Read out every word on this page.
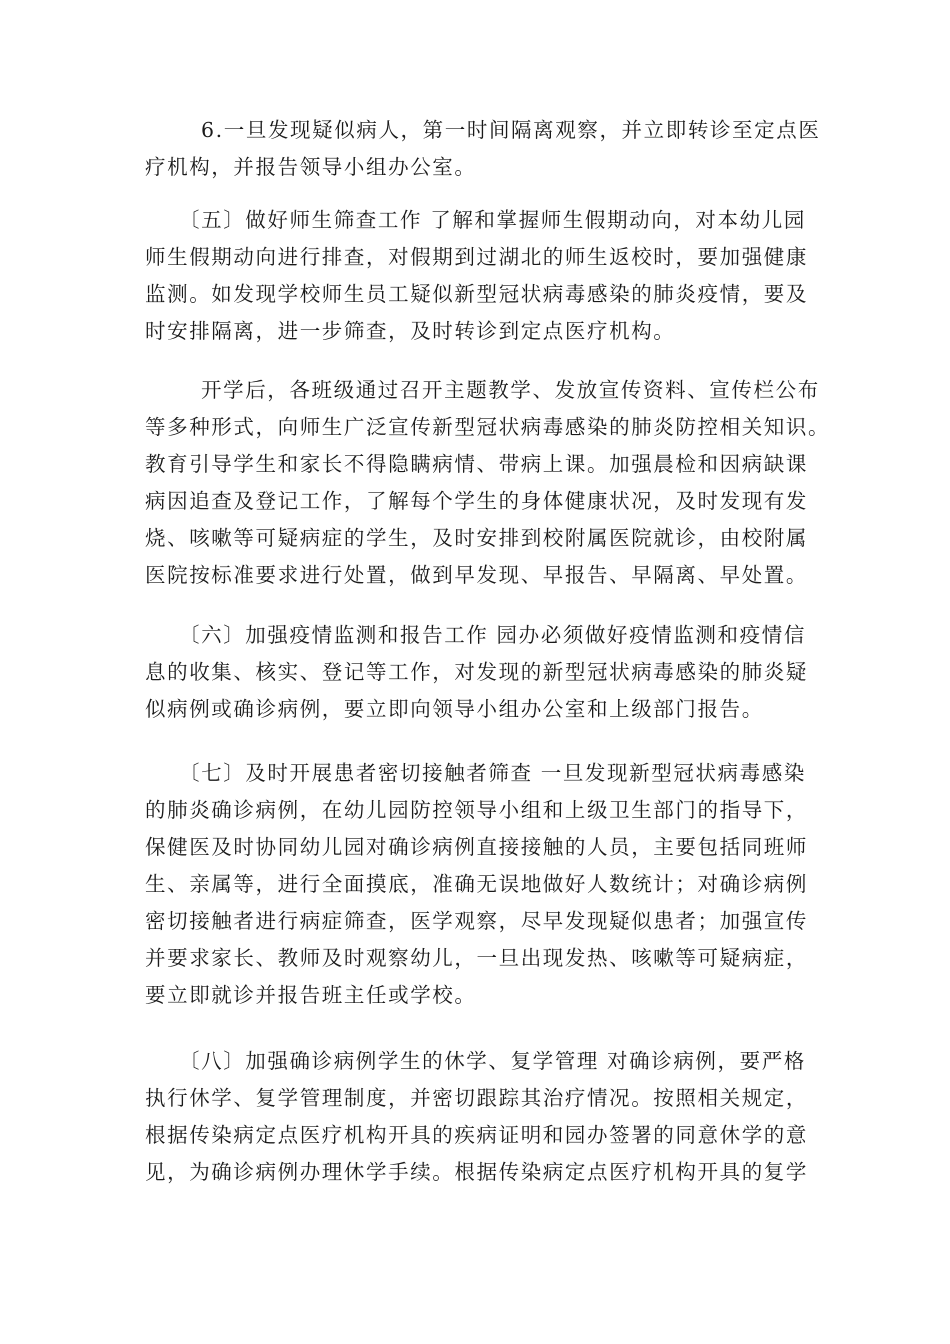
6.一旦发现疑似病人，第一时间隔离观察，并立即转诊至定点医
疗机构，并报告领导小组办公室。
〔五〕做好师生筛查工作 了解和掌握师生假期动向，对本幼儿园
师生假期动向进行排查，对假期到过湖北的师生返校时，要加强健康
监测。如发现学校师生员工疑似新型冠状病毒感染的肺炎疫情，要及
时安排隔离，进一步筛查，及时转诊到定点医疗机构。
开学后，各班级通过召开主题教学、发放宣传资料、宣传栏公布
等多种形式，向师生广泛宣传新型冠状病毒感染的肺炎防控相关知识。
教育引导学生和家长不得隐瞒病情、带病上课。加强晨检和因病缺课
病因追查及登记工作，了解每个学生的身体健康状况，及时发现有发
烧、咳嗽等可疑病症的学生，及时安排到校附属医院就诊，由校附属
医院按标准要求进行处置，做到早发现、早报告、早隔离、早处置。
〔六〕加强疫情监测和报告工作 园办必须做好疫情监测和疫情信
息的收集、核实、登记等工作，对发现的新型冠状病毒感染的肺炎疑
似病例或确诊病例，要立即向领导小组办公室和上级部门报告。
〔七〕及时开展患者密切接触者筛查 一旦发现新型冠状病毒感染
的肺炎确诊病例，在幼儿园防控领导小组和上级卫生部门的指导下，
保健医及时协同幼儿园对确诊病例直接接触的人员，主要包括同班师
生、亲属等，进行全面摸底，准确无误地做好人数统计；对确诊病例
密切接触者进行病症筛查，医学观察，尽早发现疑似患者；加强宣传
并要求家长、教师及时观察幼儿，一旦出现发热、咳嗽等可疑病症，
要立即就诊并报告班主任或学校。
〔八〕加强确诊病例学生的休学、复学管理 对确诊病例，要严格
执行休学、复学管理制度，并密切跟踪其治疗情况。按照相关规定，
根据传染病定点医疗机构开具的疾病证明和园办签署的同意休学的意
见，为确诊病例办理休学手续。根据传染病定点医疗机构开具的复学
